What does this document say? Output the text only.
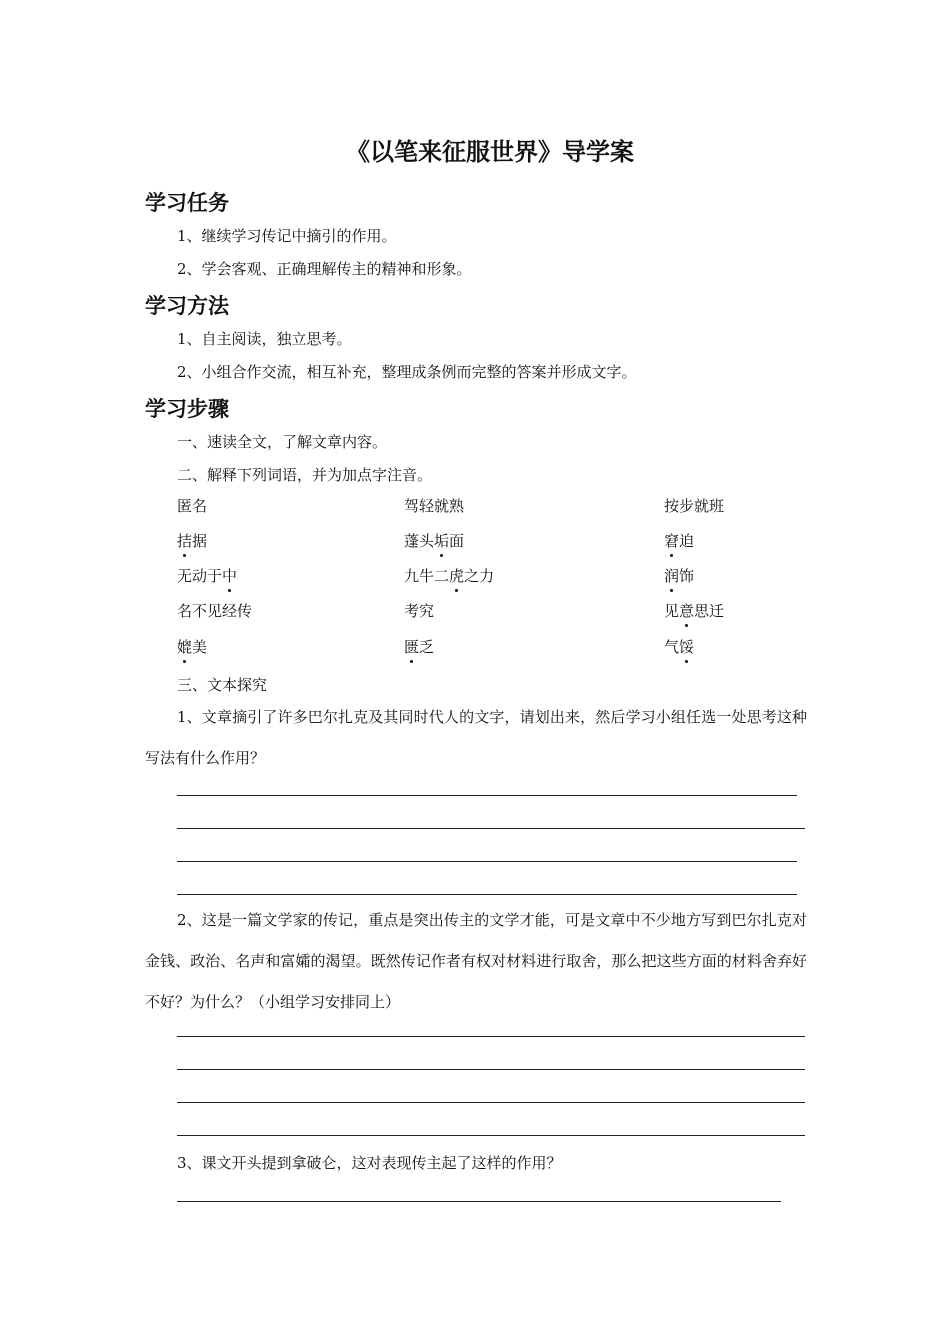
《以笔来征服世界》导学案
学习任务
1、继续学习传记中摘引的作用。
2、学会客观、正确理解传主的精神和形象。
学习方法
1、自主阅读，独立思考。
2、小组合作交流，相互补充，整理成条例而完整的答案并形成文字。
学习步骤
一、速读全文，了解文章内容。
二、解释下列词语，并为加点字注音。
匿名	驾轻就熟	按步就班
拮据	蓬头垢面	窘迫
无动于中	九牛二虎之力	润饰
名不见经传	考究	见意思迁
媲美	匮乏	气馁
三、文本探究
1、文章摘引了许多巴尔扎克及其同时代人的文字，请划出来，然后学习小组任选一处思考这种写法有什么作用？
2、这是一篇文学家的传记，重点是突出传主的文学才能，可是文章中不少地方写到巴尔扎克对金钱、政治、名声和富孀的渴望。既然传记作者有权对材料进行取舍，那么把这些方面的材料舍弃好不好？为什么？（小组学习安排同上）
3、课文开头提到拿破仑，这对表现传主起了这样的作用？
